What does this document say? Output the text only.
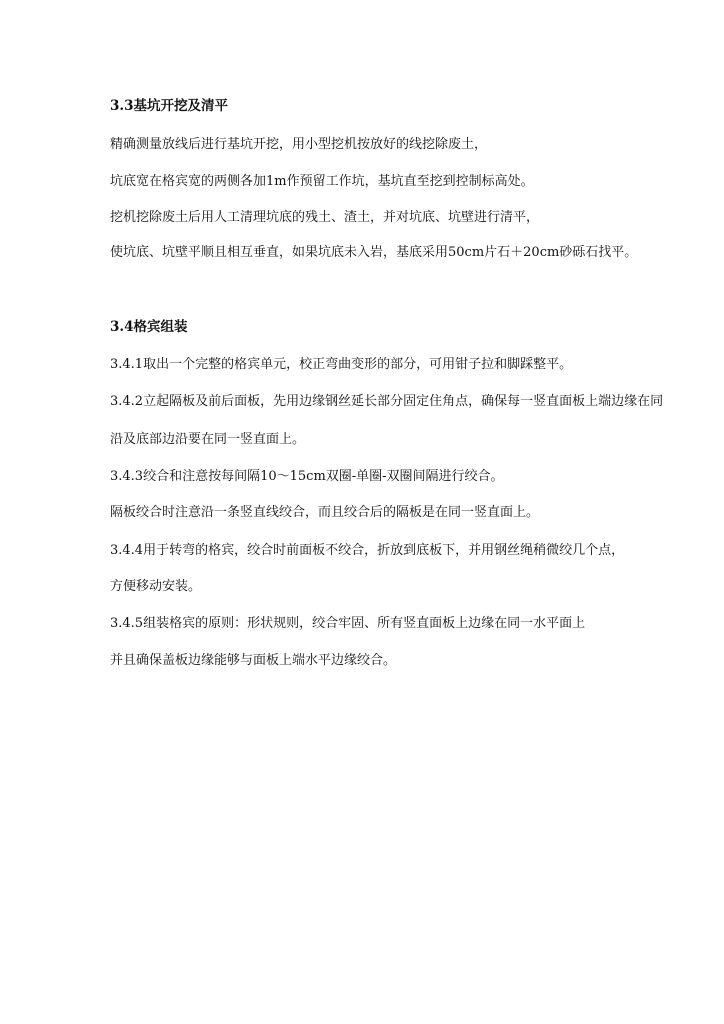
3.3基坑开挖及清平
精确测量放线后进行基坑开挖，用小型挖机按放好的线挖除废土，
坑底宽在格宾宽的两侧各加1m作预留工作坑，基坑直至挖到控制标高处。
挖机挖除废土后用人工清理坑底的残土、渣土，并对坑底、坑壁进行清平，
使坑底、坑壁平顺且相互垂直，如果坑底未入岩，基底采用50cm片石＋20cm砂砾石找平。
3.4格宾组装
3.4.1取出一个完整的格宾单元，校正弯曲变形的部分，可用钳子拉和脚踩整平。
3.4.2立起隔板及前后面板，先用边缘钢丝延长部分固定住角点，确保每一竖直面板上端边缘在同
沿及底部边沿要在同一竖直面上。
3.4.3绞合和注意按每间隔10～15cm双圈-单圈-双圈间隔进行绞合。
隔板绞合时注意沿一条竖直线绞合，而且绞合后的隔板是在同一竖直面上。
3.4.4用于转弯的格宾，绞合时前面板不绞合，折放到底板下，并用钢丝绳稍微绞几个点，
方便移动安装。
3.4.5组装格宾的原则：形状规则，绞合牢固、所有竖直面板上边缘在同一水平面上
并且确保盖板边缘能够与面板上端水平边缘绞合。
